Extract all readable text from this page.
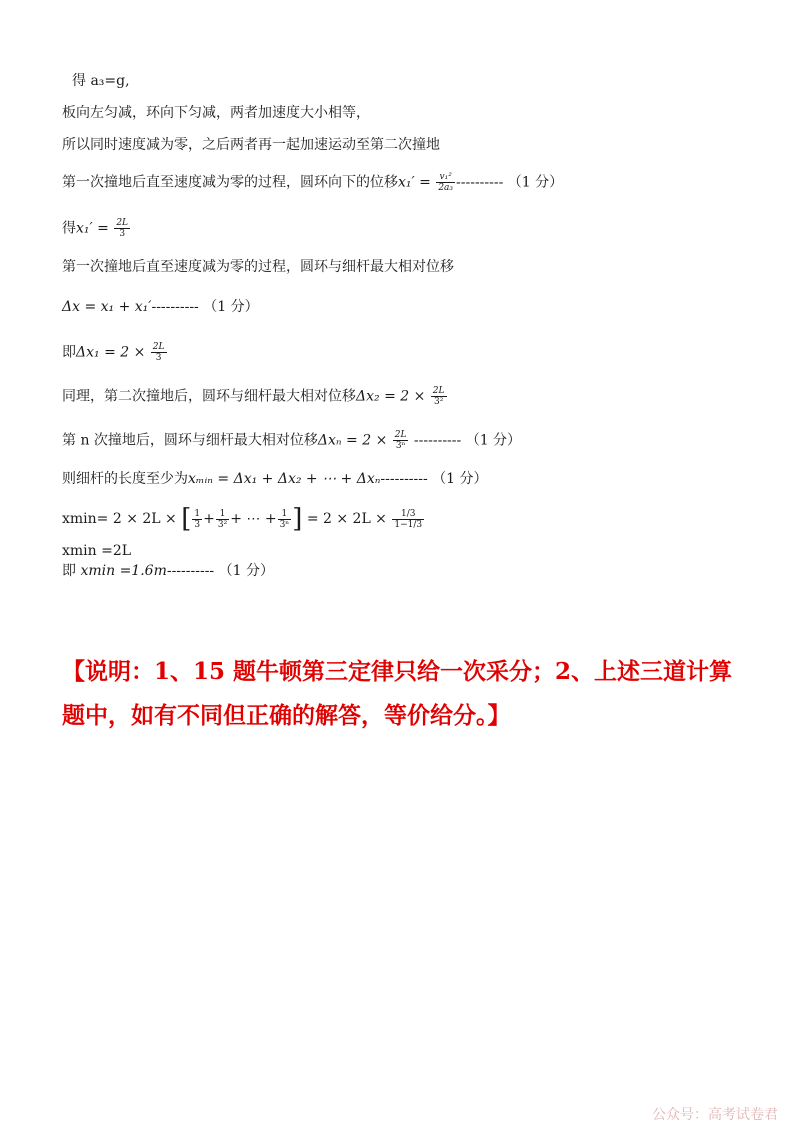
得 a₃=g,
板向左匀减，环向下匀减，两者加速度大小相等，
所以同时速度减为零，之后两者再一起加速运动至第二次撞地
第一次撞地后直至速度减为零的过程，圆环向下的位移$x_1' = \frac{\text{v₁²}}{\text{2a₃}}$ ---------- （1 分）
得$x_1' = \frac{2L}{3}$
第一次撞地后直至速度减为零的过程，圆环与细杆最大相对位移
Δx = x₁ + x₁′---------- （1 分）
即$\Delta x_1 = 2 \times \frac{2L}{3}$
同理，第二次撞地后，圆环与细杆最大相对位移$\Delta x_2 = 2 \times \frac{2L}{\text{3²}}$
第 n 次撞地后，圆环与细杆最大相对位移$\Delta x_n = 2 \times \frac{2L}{\text{3ⁿ}}$ ---------- （1 分）
则细杆的长度至少为xₘᵢₙ = Δx₁ + Δx₂ + ⋯ + Δxₙ---------- （1 分）
xmin= 2 × 2L × [ $\frac{1}{3} + \frac{1}{\text{3²}}$ + ⋯ + $\frac{1}{\text{3ⁿ}}$ ] = $2 \times 2L \times \frac{1/3}{1-1/3}$
xmin =2L
即 xmin =1.6m---------- （1 分）
【说明：1、15 题牛顿第三定律只给一次采分；2、上述三道计算题中，如有不同但正确的解答，等价给分。】
公众号：高考试卷君
